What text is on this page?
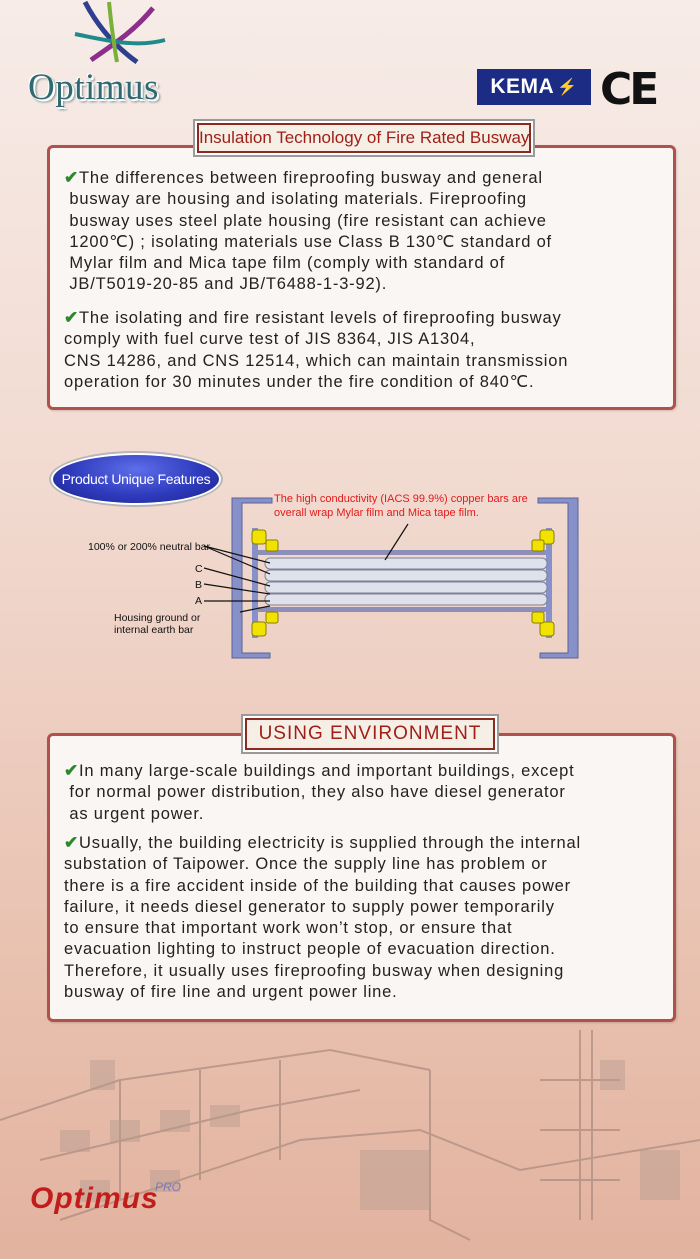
Optimus	KEMA ⚡ CE
Insulation Technology of Fire Rated Busway
✔The differences between fireproofing busway and general
busway are housing and isolating materials. Fireproofing
busway uses steel plate housing (fire resistant can achieve
1200℃) ; isolating materials use Class B 130℃ standard of
Mylar film and Mica tape film (comply with standard of
JB/T5019-20-85 and JB/T6488-1-3-92).
✔The isolating and fire resistant levels of fireproofing busway
comply with fuel curve test of JIS 8364, JIS A1304,
CNS 14286, and CNS 12514, which can maintain transmission
operation for 30 minutes under the fire condition of 840℃.
Product Unique Features
100% or 200% neutral bar
C
B
A
Housing ground or
internal earth bar
The high conductivity (IACS 99.9%) copper bars are
overall wrap Mylar film and Mica tape film.
USING ENVIRONMENT
✔In many large-scale buildings and important buildings, except
for normal power distribution, they also have diesel generator
as urgent power.
✔Usually, the building electricity is supplied through the internal
substation of Taipower. Once the supply line has problem or
there is a fire accident inside of the building that causes power
failure, it needs diesel generator to supply power temporarily
to ensure that important work won’t stop, or ensure that
evacuation lighting to instruct people of evacuation direction.
Therefore, it usually uses fireproofing busway when designing
busway of fire line and urgent power line.
Optimus
PRO
